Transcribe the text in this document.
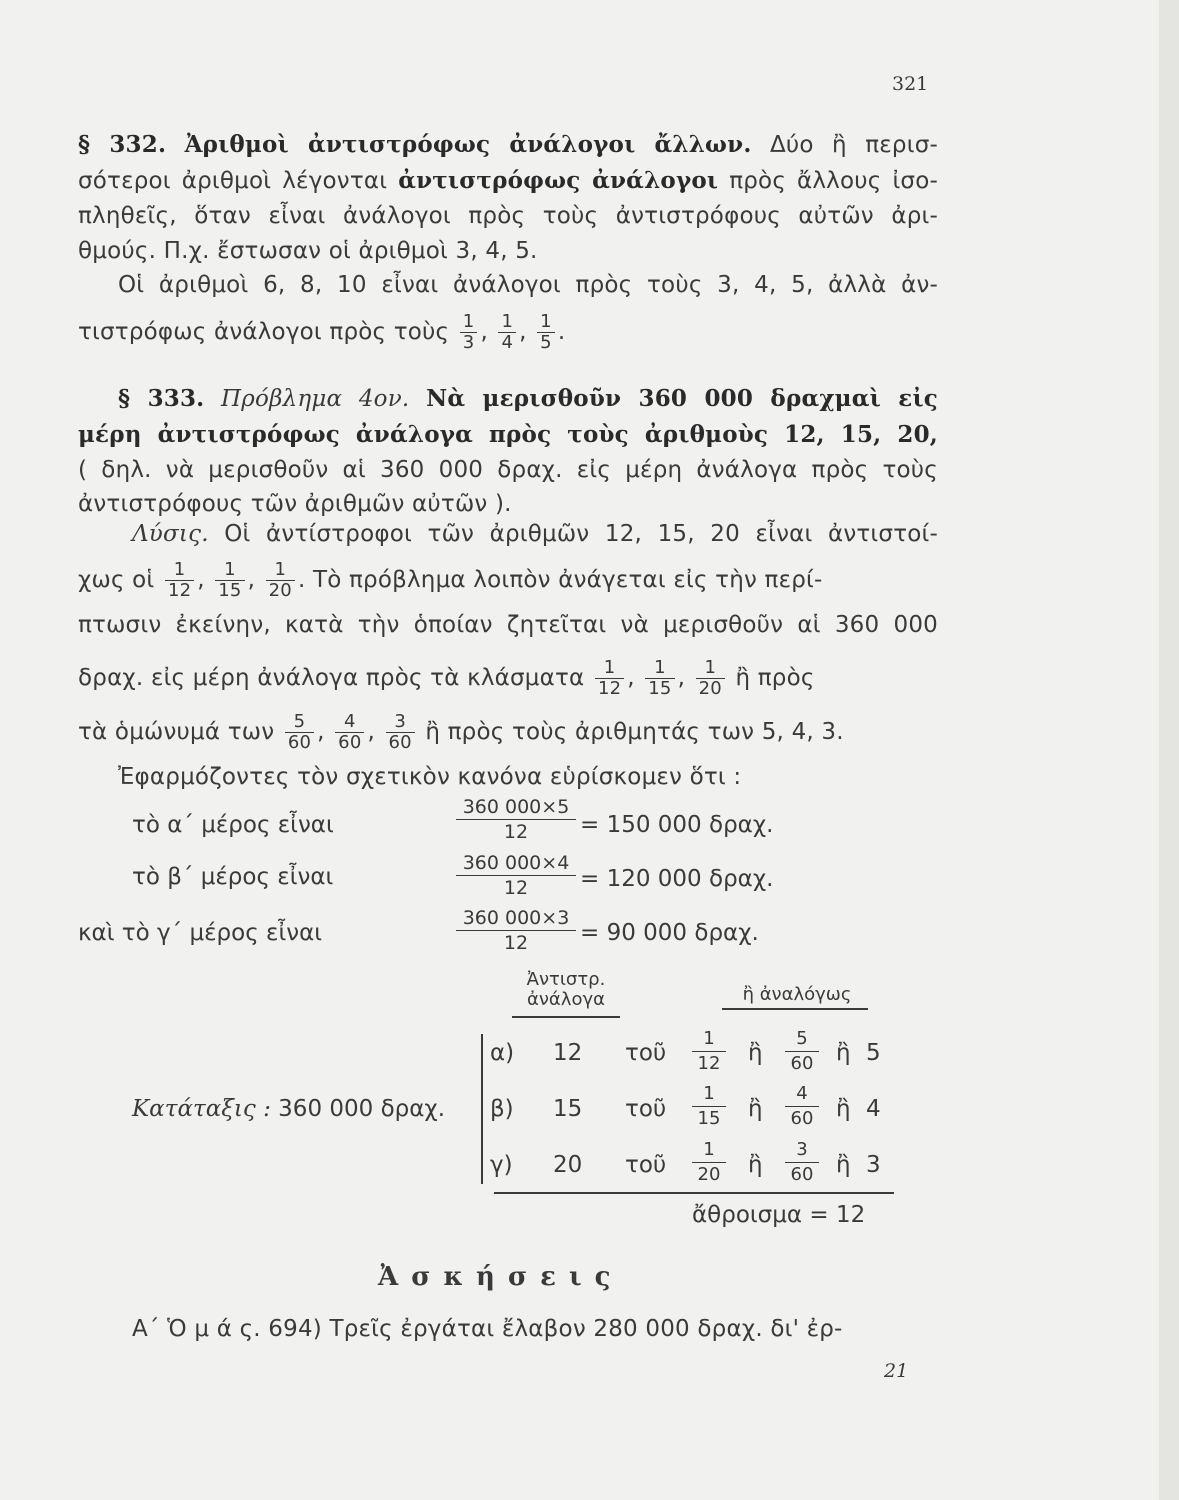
321
§ 332. Ἀριθμοὶ ἀντιστρόφως ἀνάλογοι ἄλλων. Δύο ἢ περισ-
σότεροι ἀριθμοὶ λέγονται ἀντιστρόφως ἀνάλογοι πρὸς ἄλλους ἰσο-
πληθεῖς, ὅταν εἶναι ἀνάλογοι πρὸς τοὺς ἀντιστρόφους αὐτῶν ἀρι-
θμούς. Π.χ. ἔστωσαν οἱ ἀριθμοὶ 3, 4, 5.
Οἱ ἀριθμοὶ 6, 8, 10 εἶναι ἀνάλογοι πρὸς τοὺς 3, 4, 5, ἀλλὰ ἀν-
τιστρόφως ἀνάλογοι πρὸς τοὺς $\frac{1}{3}$ , $\frac{1}{4}$ , $\frac{1}{5}$ .
§ 333. Πρόβλημα 4ον. Νὰ μερισθοῦν 360 000 δραχμαὶ εἰς
μέρη ἀντιστρόφως ἀνάλογα πρὸς τοὺς ἀριθμοὺς 12, 15, 20,
( δηλ. νὰ μερισθοῦν αἱ 360 000 δραχ. εἰς μέρη ἀνάλογα πρὸς τοὺς
ἀντιστρόφους τῶν ἀριθμῶν αὐτῶν ).
Λύσις. Οἱ ἀντίστροφοι τῶν ἀριθμῶν 12, 15, 20 εἶναι ἀντιστοί-
χως οἱ $\frac{1}{12}$ , $\frac{1}{15}$ , $\frac{1}{20}$ . Τὸ πρόβλημα λοιπὸν ἀνάγεται εἰς τὴν περί-
πτωσιν ἐκείνην, κατὰ τὴν ὁποίαν ζητεῖται νὰ μερισθοῦν αἱ 360 000
δραχ. εἰς μέρη ἀνάλογα πρὸς τὰ κλάσματα $\frac{1}{12}$ , $\frac{1}{15}$ , $\frac{1}{20}$ ἢ πρὸς
τὰ ὁμώνυμά των $\frac{5}{60}$ , $\frac{4}{60}$ , $\frac{3}{60}$ ἢ πρὸς τοὺς ἀριθμητάς των 5, 4, 3.
Ἐφαρμόζοντες τὸν σχετικὸν κανόνα εὑρίσκομεν ὅτι :
τὸ α΄ μέρος εἶναι	$\frac{360 000\times 5}{12} = 150$ 000 δραχ.
τὸ β΄ μέρος εἶναι	$\frac{360 000\times 4}{12} = 120$ 000 δραχ.
καὶ τὸ γ΄ μέρος εἶναι	$\frac{360 000\times 3}{12} = 90$ 000 δραχ.
Ἀντιστρ.
ἀνάλογα	ἢ ἀναλόγως
Κατάταξις : 360 000 δραχ.
α) 12 τοῦ $\frac{1}{12}$ ἢ $\frac{5}{60}$ ἢ 5
β) 15 τοῦ $\frac{1}{15}$ ἢ $\frac{4}{60}$ ἢ 4
γ) 20 τοῦ $\frac{1}{20}$ ἢ $\frac{3}{60}$ ἢ 3
ἄθροισμα = 12
Ἀ σ κ ή σ ε ι ς
Α΄ Ὁ μ ά ς. 694) Τρεῖς ἐργάται ἔλαβον 280 000 δραχ. δι' ἐρ-
21
